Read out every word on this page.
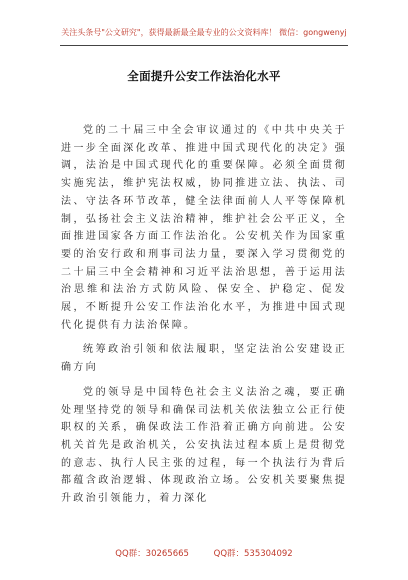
关注头条号"公文研究"，获得最新最全最专业的公文资料库！ 微信：gongwenyj
全面提升公安工作法治化水平

党的二十届三中全会审议通过的《中共中央关于进一步全面深化改革、推进中国式现代化的决定》强调，法治是中国式现代化的重要保障。必须全面贯彻实施宪法，维护宪法权威，协同推进立法、执法、司法、守法各环节改革，健全法律面前人人平等保障机制，弘扬社会主义法治精神，维护社会公平正义，全面推进国家各方面工作法治化。公安机关作为国家重要的治安行政和刑事司法力量，要深入学习贯彻党的二十届三中全会精神和习近平法治思想，善于运用法治思维和法治方式防风险、保安全、护稳定、促发展，不断提升公安工作法治化水平，为推进中国式现代化提供有力法治保障。

统筹政治引领和依法履职，坚定法治公安建设正确方向

党的领导是中国特色社会主义法治之魂，要正确处理坚持党的领导和确保司法机关依法独立公正行使职权的关系，确保政法工作沿着正确方向前进。公安机关首先是政治机关，公安执法过程本质上是贯彻党的意志、执行人民主张的过程，每一个执法行为背后都蕴含政治逻辑、体现政治立场。公安机关要聚焦提升政治引领能力，着力深化

QQ群：30265665	QQ群：535304092
